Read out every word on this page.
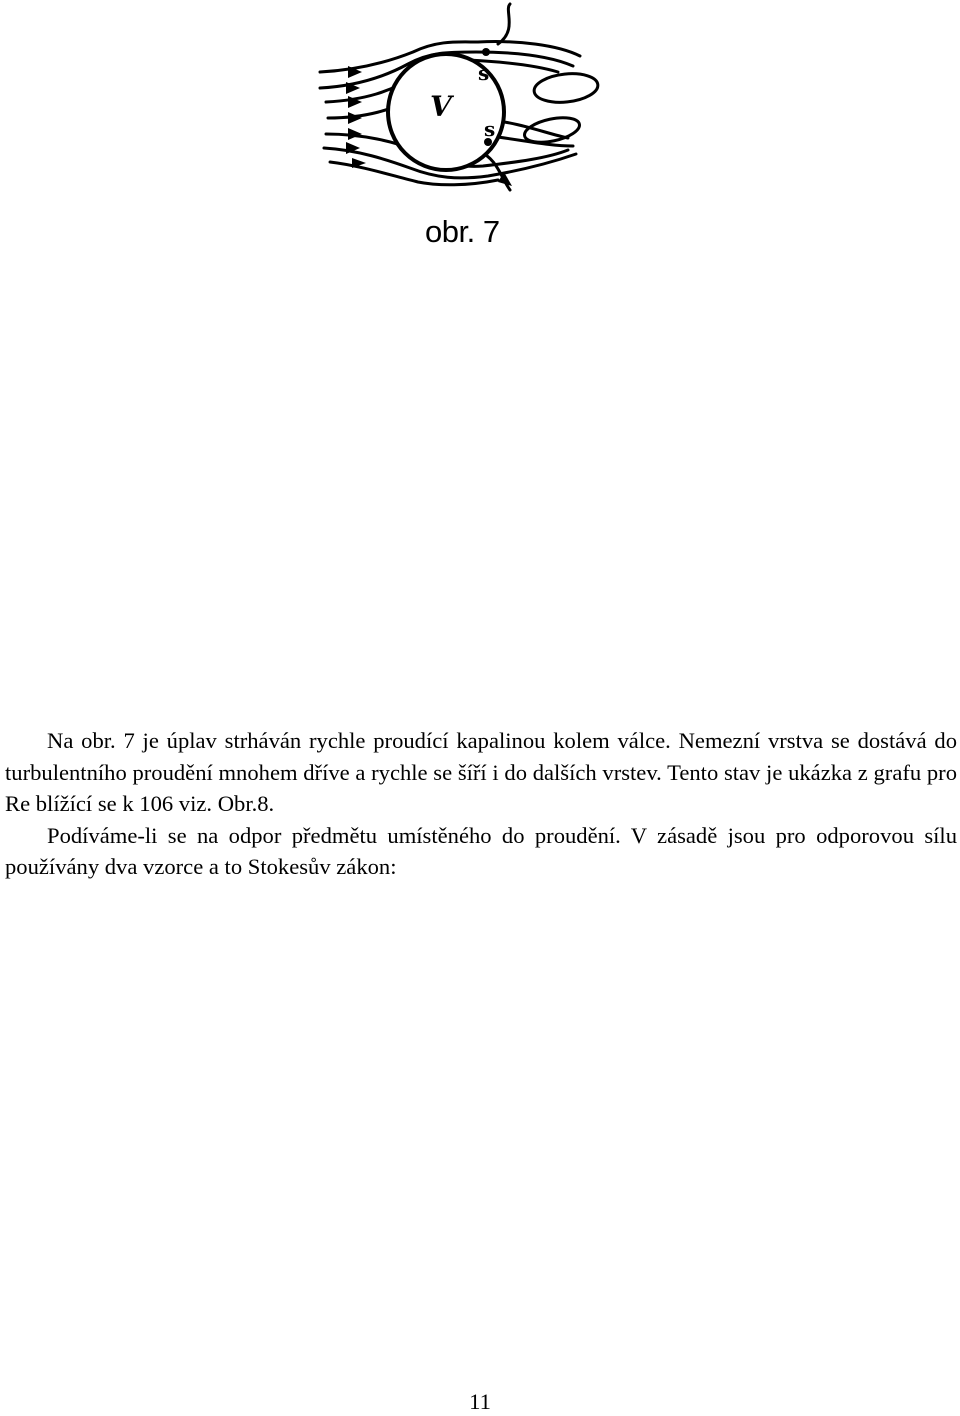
V
s
s
obr. 7

Na obr. 7 je úplav strháván rychle proudící kapalinou kolem válce. Nemezní vrstva se dostává do turbulentního proudění mnohem dříve a rychle se šíří i do dalších vrstev. Tento stav je ukázka z grafu pro Re blížící se k 106 viz. Obr.8.

Podíváme-li se na odpor předmětu umístěného do proudění. V zásadě jsou pro odporovou sílu používány dva vzorce a to Stokesův zákon:

11
